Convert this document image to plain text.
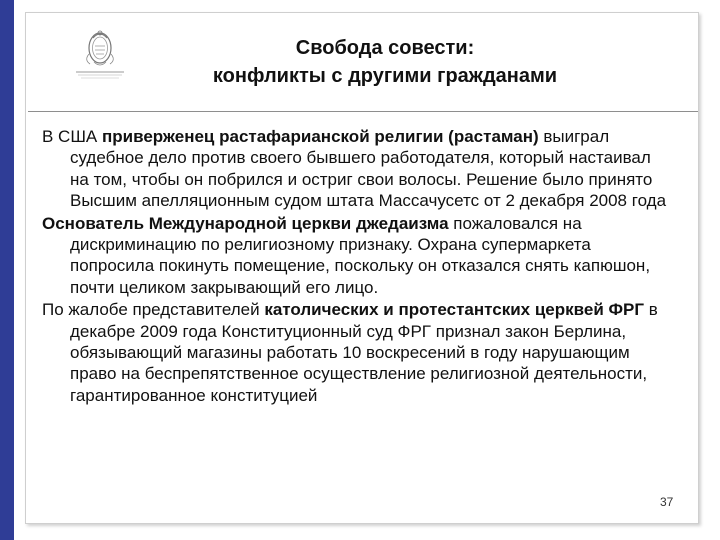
Свобода совести:
конфликты с другими гражданами

В США приверженец растафарианской религии (растаман) выиграл судебное дело против своего бывшего работодателя, который настаивал на том, чтобы он побрился и остриг свои волосы. Решение было принято Высшим апелляционным судом штата Массачусетс от 2 декабря 2008 года

Основатель Международной церкви джедаизма пожаловался на дискриминацию по религиозному признаку. Охрана супермаркета попросила покинуть помещение, поскольку он отказался снять капюшон, почти целиком закрывающий его лицо.

По жалобе представителей католических и протестантских церквей ФРГ в декабре 2009 года Конституционный суд ФРГ признал закон Берлина, обязывающий магазины работать 10 воскресений в году нарушающим право на беспрепятственное осуществление религиозной деятельности, гарантированное конституцией

37
